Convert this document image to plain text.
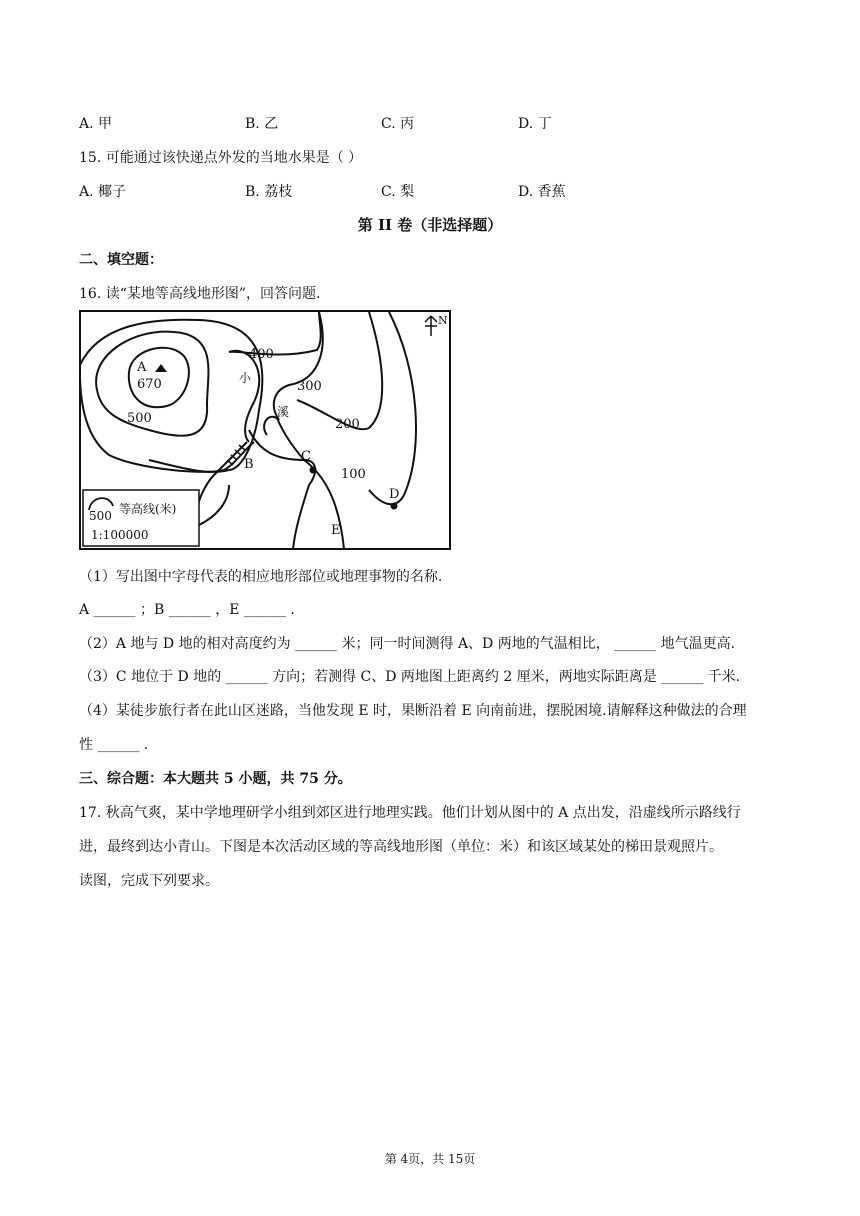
A. 甲	B. 乙	C. 丙	D. 丁
15. 可能通过该快递点外发的当地水果是（ ）
A. 椰子	B. 荔枝	C. 梨	D. 香蕉
第 II 卷（非选择题）
二、填空题：
16. 读“某地等高线地形图”，回答问题.
400
300
200
100
500
670
A
B
C
D
E
小
溪
N
500 等高线(米)
1:100000
（1）写出图中字母代表的相应地形部位或地理事物的名称.
A ______ ；B ______ ，E ______ .
（2）A 地与 D 地的相对高度约为 ______ 米；同一时间测得 A、D 两地的气温相比， ______ 地气温更高.
（3）C 地位于 D 地的 ______ 方向；若测得 C、D 两地图上距离约 2 厘米，两地实际距离是 ______ 千米.
（4）某徒步旅行者在此山区迷路，当他发现 E 时，果断沿着 E 向南前进，摆脱困境.请解释这种做法的合理
性 ______ .
三、综合题：本大题共 5 小题，共 75 分。
17. 秋高气爽，某中学地理研学小组到郊区进行地理实践。他们计划从图中的 A 点出发，沿虚线所示路线行
进，最终到达小青山。下图是本次活动区域的等高线地形图（单位：米）和该区域某处的梯田景观照片。
读图，完成下列要求。
第 4页，共 15页
